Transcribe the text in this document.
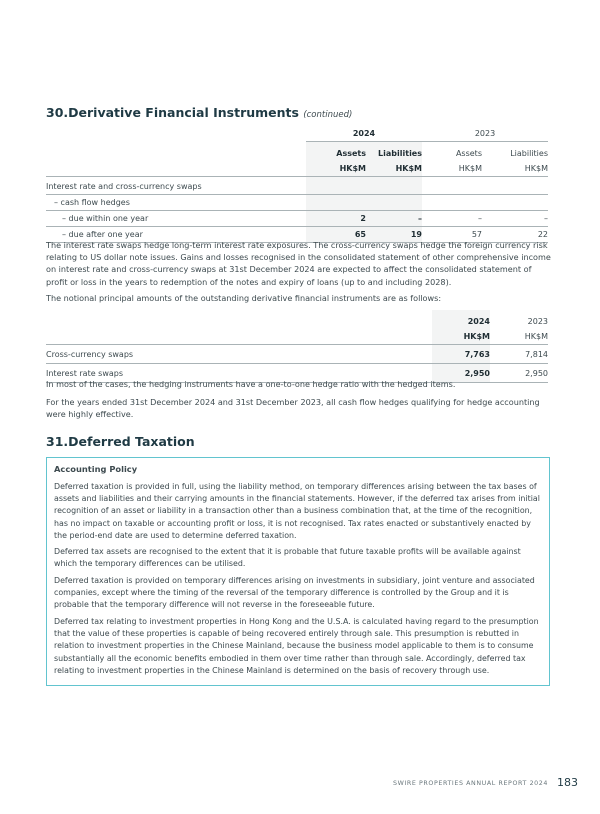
30.Derivative Financial Instruments (continued)
	2024		2023	
	Assets	Liabilities	Assets	Liabilities
	HK$M	HK$M	HK$M	HK$M
Interest rate and cross-currency swaps				
– cash flow hedges				
– due within one year	2	–	–	–
– due after one year	65	19	57	22

The interest rate swaps hedge long-term interest rate exposures. The cross-currency swaps hedge the foreign currency risk relating to US dollar note issues. Gains and losses recognised in the consolidated statement of other comprehensive income on interest rate and cross-currency swaps at 31st December 2024 are expected to affect the consolidated statement of profit or loss in the years to redemption of the notes and expiry of loans (up to and including 2028).

The notional principal amounts of the outstanding derivative financial instruments are as follows:

	2024	2023
	HK$M	HK$M
Cross-currency swaps	7,763	7,814
Interest rate swaps	2,950	2,950

In most of the cases, the hedging instruments have a one-to-one hedge ratio with the hedged items.

For the years ended 31st December 2024 and 31st December 2023, all cash flow hedges qualifying for hedge accounting were highly effective.

31.Deferred Taxation
Accounting Policy

Deferred taxation is provided in full, using the liability method, on temporary differences arising between the tax bases of assets and liabilities and their carrying amounts in the financial statements. However, if the deferred tax arises from initial recognition of an asset or liability in a transaction other than a business combination that, at the time of the recognition, has no impact on taxable or accounting profit or loss, it is not recognised. Tax rates enacted or substantively enacted by the period-end date are used to determine deferred taxation.

Deferred tax assets are recognised to the extent that it is probable that future taxable profits will be available against which the temporary differences can be utilised.

Deferred taxation is provided on temporary differences arising on investments in subsidiary, joint venture and associated companies, except where the timing of the reversal of the temporary difference is controlled by the Group and it is probable that the temporary difference will not reverse in the foreseeable future.

Deferred tax relating to investment properties in Hong Kong and the U.S.A. is calculated having regard to the presumption that the value of these properties is capable of being recovered entirely through sale. This presumption is rebutted in relation to investment properties in the Chinese Mainland, because the business model applicable to them is to consume substantially all the economic benefits embodied in them over time rather than through sale. Accordingly, deferred tax relating to investment properties in the Chinese Mainland is determined on the basis of recovery through use.

SWIRE PROPERTIES ANNUAL REPORT 2024 183
